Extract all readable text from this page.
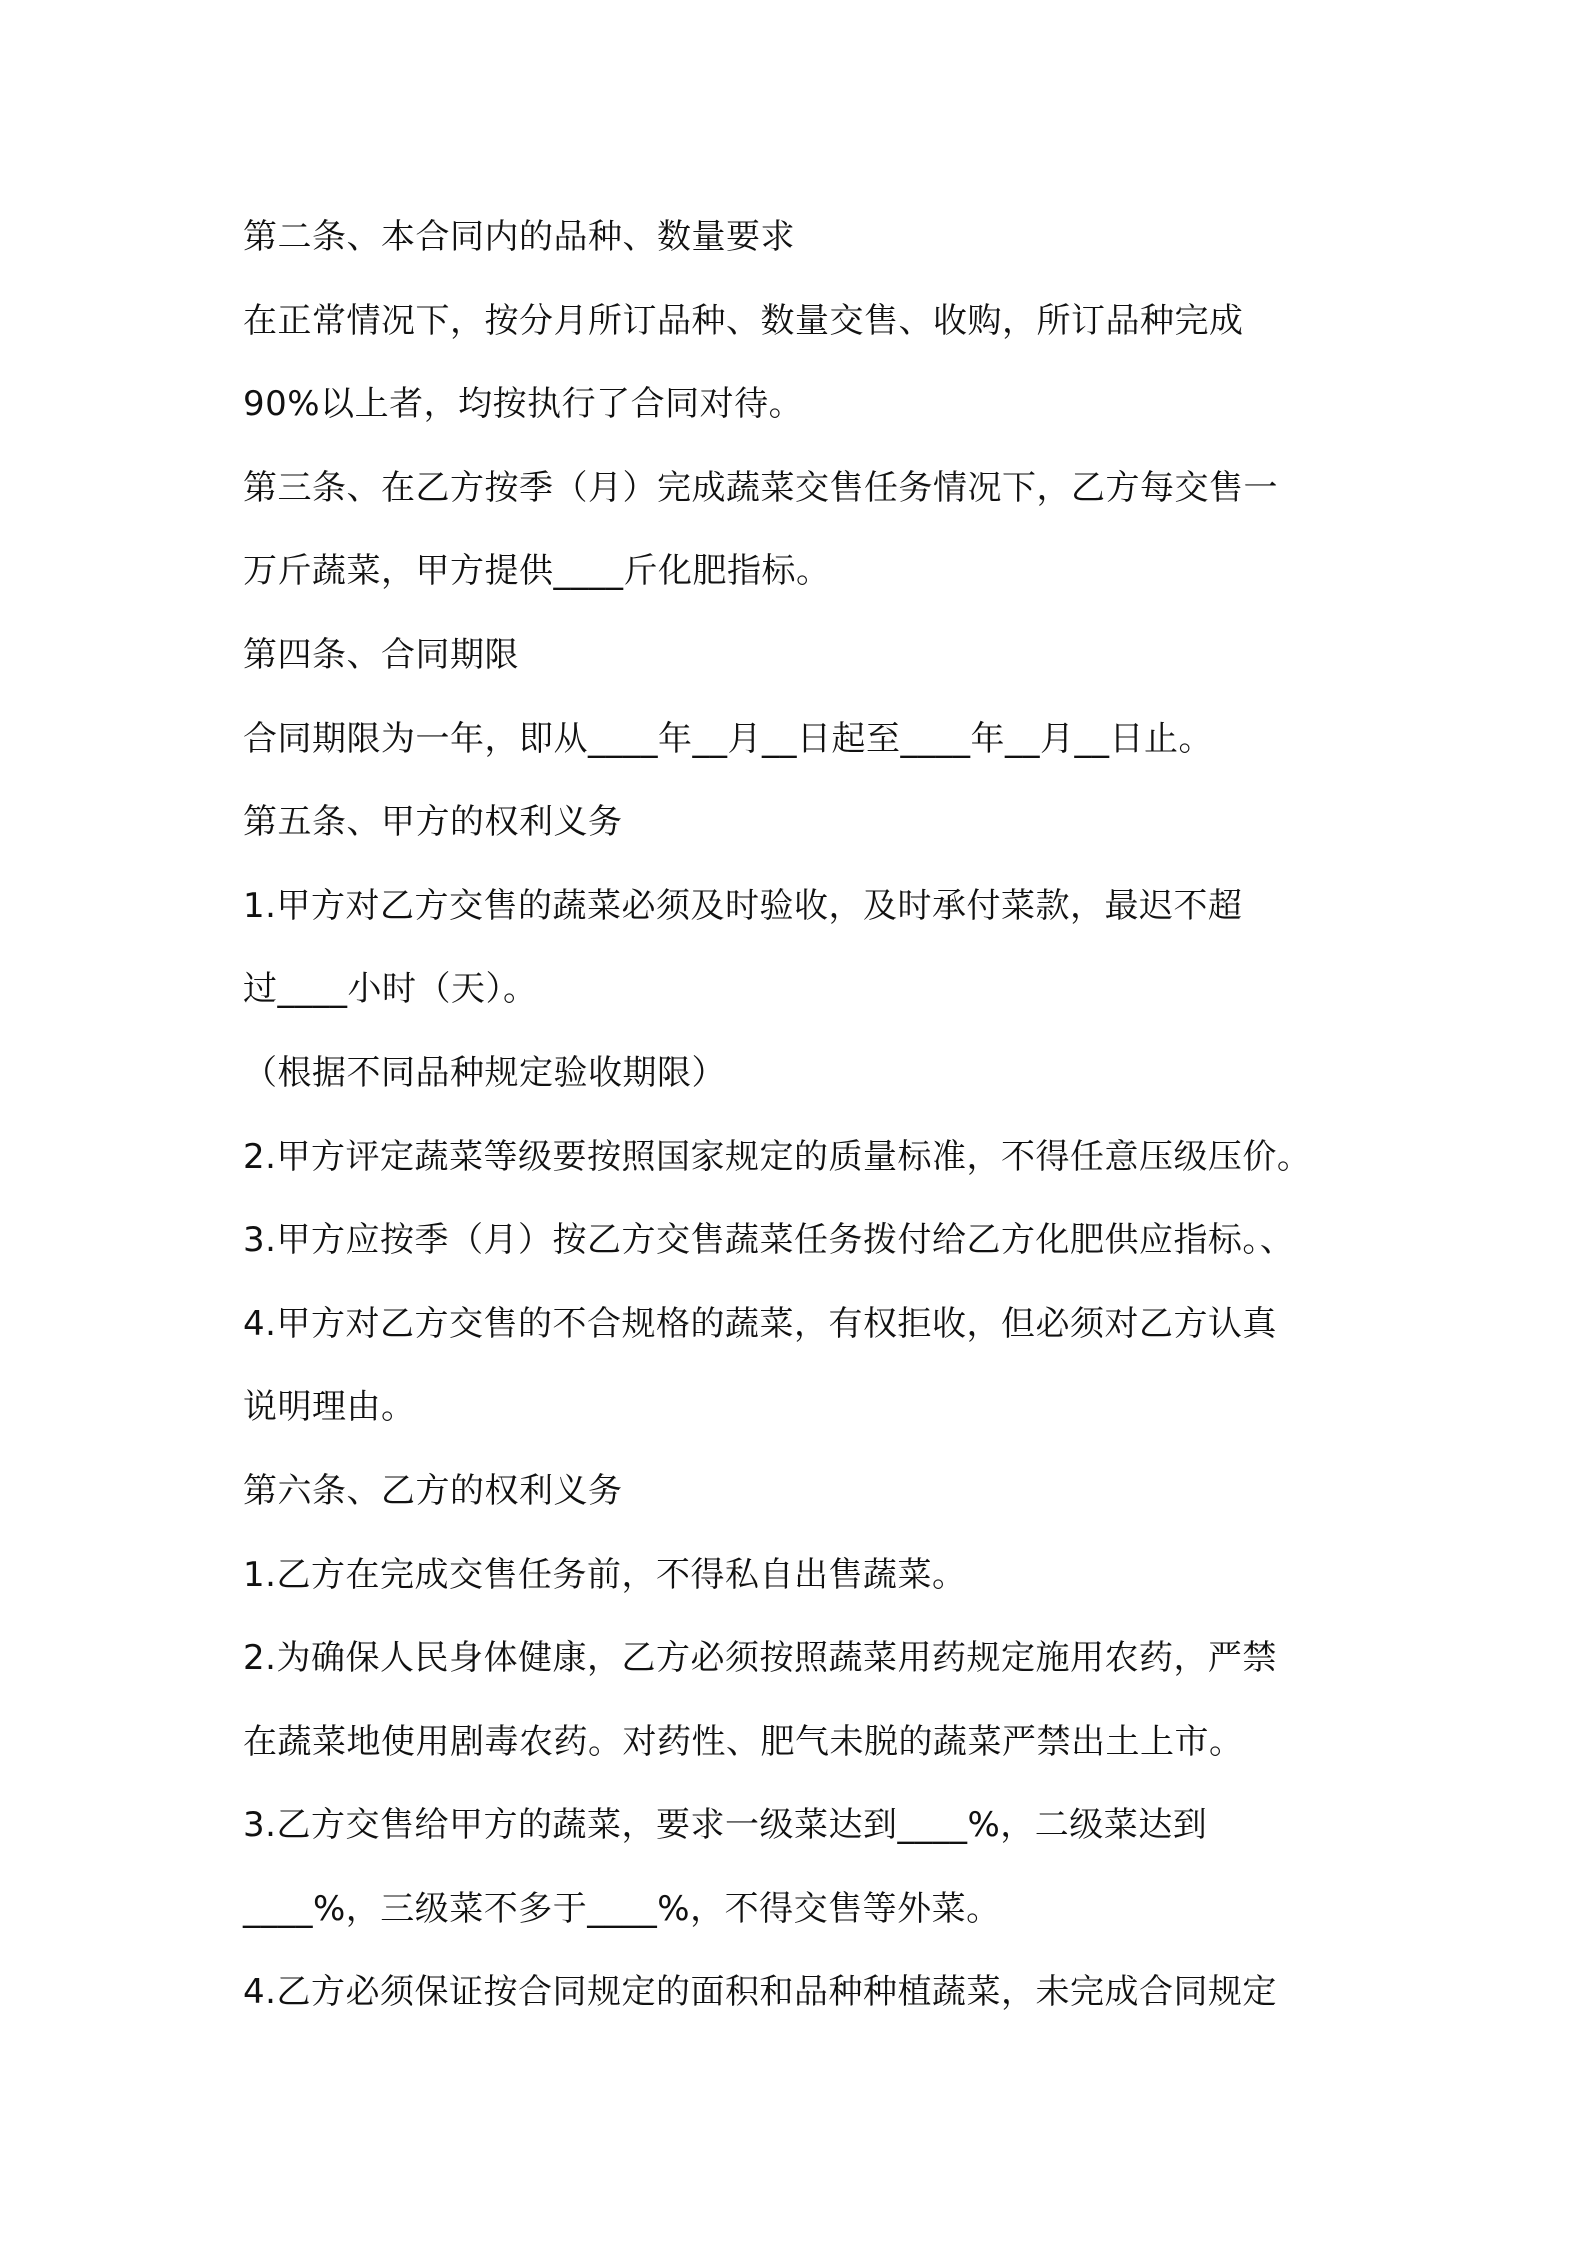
第二条、本合同内的品种、数量要求
在正常情况下，按分月所订品种、数量交售、收购，所订品种完成
90%以上者，均按执行了合同对待。
第三条、在乙方按季（月）完成蔬菜交售任务情况下，乙方每交售一
万斤蔬菜，甲方提供____斤化肥指标。
第四条、合同期限
合同期限为一年，即从____年__月__日起至____年__月__日止。
第五条、甲方的权利义务
1.甲方对乙方交售的蔬菜必须及时验收，及时承付菜款，最迟不超
过____小时（天）。
（根据不同品种规定验收期限）
2.甲方评定蔬菜等级要按照国家规定的质量标准，不得任意压级压价。
3.甲方应按季（月）按乙方交售蔬菜任务拨付给乙方化肥供应指标。、
4.甲方对乙方交售的不合规格的蔬菜，有权拒收，但必须对乙方认真
说明理由。
第六条、乙方的权利义务
1.乙方在完成交售任务前，不得私自出售蔬菜。
2.为确保人民身体健康，乙方必须按照蔬菜用药规定施用农药，严禁
在蔬菜地使用剧毒农药。对药性、肥气未脱的蔬菜严禁出土上市。
3.乙方交售给甲方的蔬菜，要求一级菜达到____%，二级菜达到
____%，三级菜不多于____%，不得交售等外菜。
4.乙方必须保证按合同规定的面积和品种种植蔬菜，未完成合同规定
